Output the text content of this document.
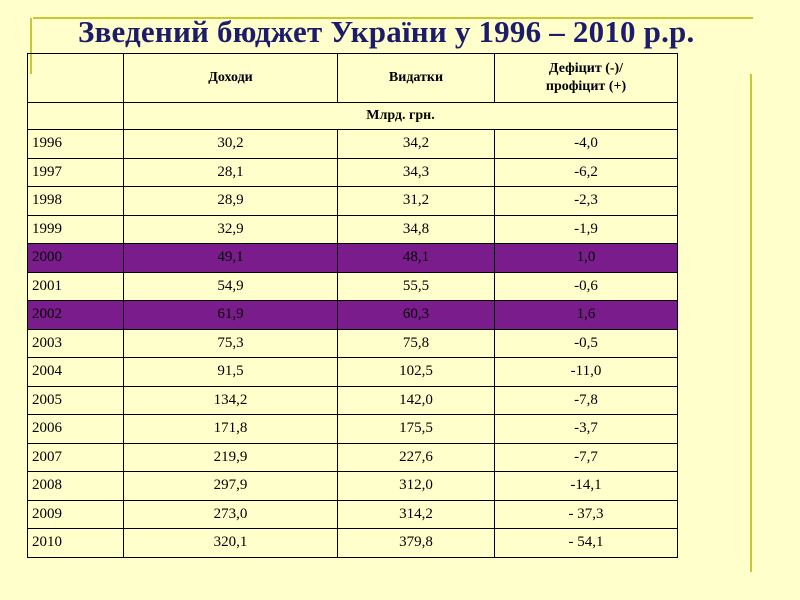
Зведений бюджет України у 1996 – 2010 р.р.
	Доходи	Видатки	Дефіцит (-)/
профіцит (+)
	Млрд. грн.		
1996	30,2	34,2	-4,0
1997	28,1	34,3	-6,2
1998	28,9	31,2	-2,3
1999	32,9	34,8	-1,9
2000	49,1	48,1	1,0
2001	54,9	55,5	-0,6
2002	61,9	60,3	1,6
2003	75,3	75,8	-0,5
2004	91,5	102,5	-11,0
2005	134,2	142,0	-7,8
2006	171,8	175,5	-3,7
2007	219,9	227,6	-7,7
2008	297,9	312,0	-14,1
2009	273,0	314,2	- 37,3
2010	320,1	379,8	- 54,1
